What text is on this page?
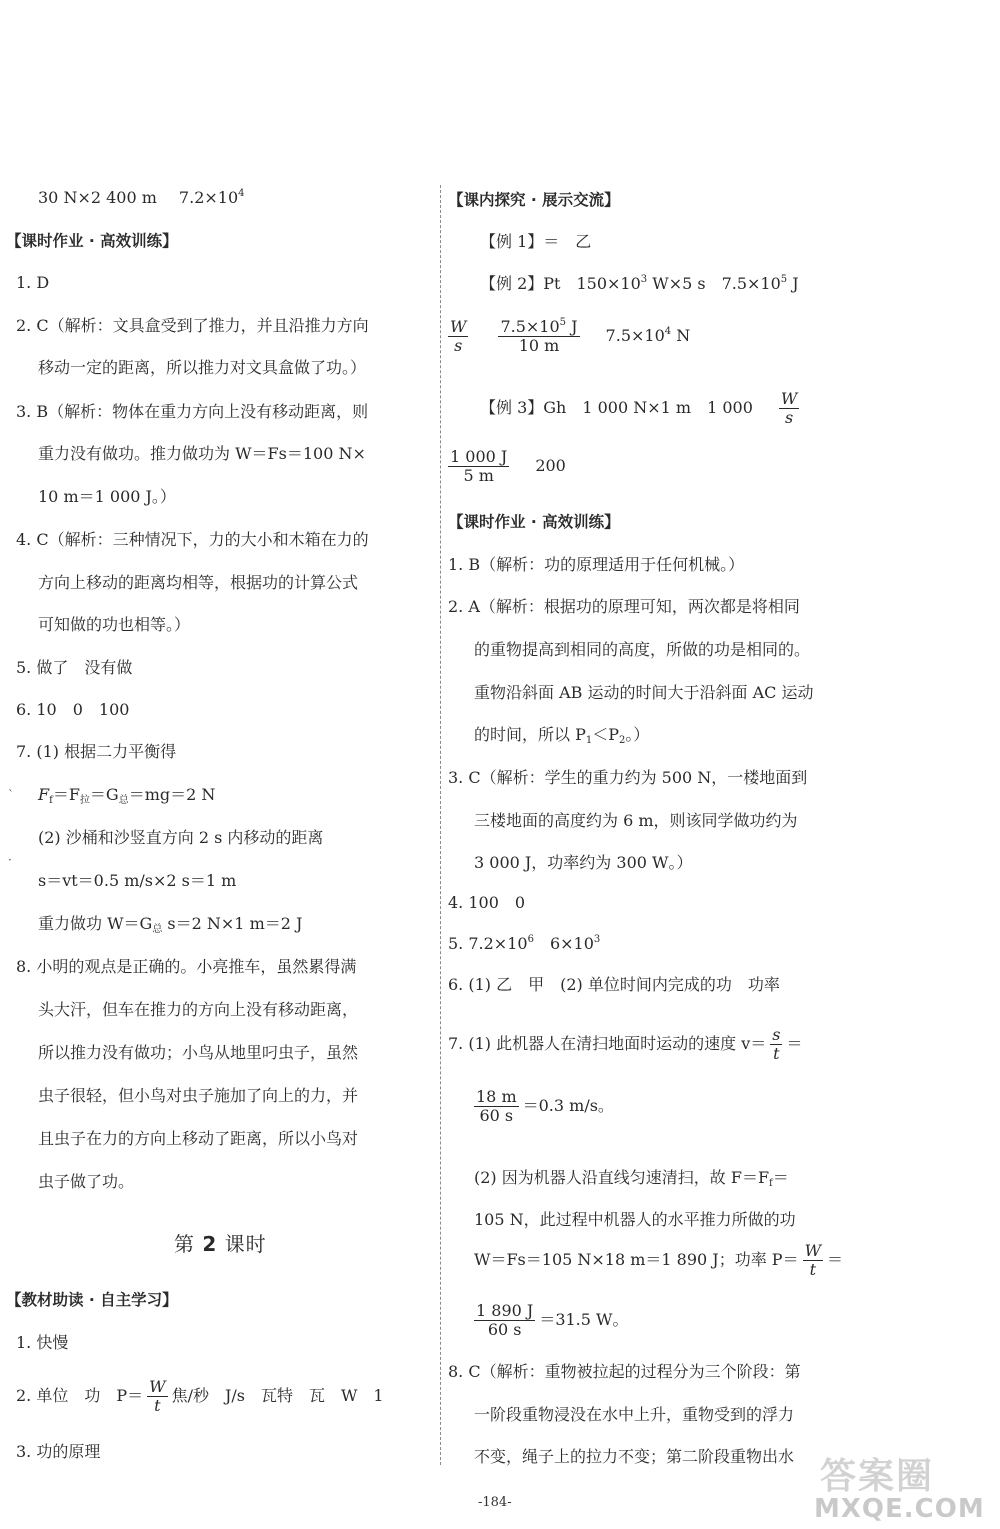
30 N×2 400 m $7.2\times 10^4$
【课时作业 · 高效训练】
1. D
2. C（解析：文具盒受到了推力，并且沿推力方向
移动一定的距离，所以推力对文具盒做了功。）
3. B（解析：物体在重力方向上没有移动距离，则
重力没有做功。推力做功为 W＝Fs＝100 N×
10 m＝1 000 J。）
4. C（解析：三种情况下，力的大小和木箱在力的
方向上移动的距离均相等，根据功的计算公式
可知做的功也相等。）
5. 做了　没有做
6. 10　0　100
7. (1) 根据二力平衡得
$F_f=F_拉=G_总=mg=2$ N
(2) 沙桶和沙竖直方向 2 s 内移动的距离
s＝vt＝0.5 m/s×2 s＝1 m
重力做功 $W=G_总$ s＝2 N×1 m＝2 J
8. 小明的观点是正确的。小亮推车，虽然累得满
头大汗，但车在推力的方向上没有移动距离，
所以推力没有做功；小鸟从地里叼虫子，虽然
虫子很轻，但小鸟对虫子施加了向上的力，并
且虫子在力的方向上移动了距离，所以小鸟对
虫子做了功。
第 2 课时
【教材助读 · 自主学习】
1. 快慢
2. 单位　功　$P= \frac{W}{t}$ 焦/秒　J/s　瓦特　瓦　W　1
3. 功的原理
【课内探究 · 展示交流】
【例 1】＝　乙
【例 2】Pt　$150\times 10^3$ W×5 s　$7.5\times 10^5$ J
$\frac{W}{s} \frac{7.5\times 10^5 J}{10 m} 7.5\times 10^4$ N
【例 3】Gh　1 000 N×1 m　1 $000 \frac{W}{s}$
$\frac{1 000 J}{5 m} 200$
【课时作业 · 高效训练】
1. B（解析：功的原理适用于任何机械。）
2. A（解析：根据功的原理可知，两次都是将相同
的重物提高到相同的高度，所做的功是相同的。
重物沿斜面 AB 运动的时间大于沿斜面 AC 运动
的时间，所以 $P_1<P_2$。）
3. C（解析：学生的重力约为 500 N，一楼地面到
三楼地面的高度约为 6 m，则该同学做功约为
3 000 J，功率约为 300 W。）
4. 100　0
5. $7.2\times 10^6$　$6\times 10^3$
6. (1) 乙　甲　(2) 单位时间内完成的功　功率
7. (1) 此机器人在清扫地面时运动的速度 $v= \frac{s}{t}$ ＝
$\frac{18 m}{60 s} =0.3$ m/s。
(2) 因为机器人沿直线匀速清扫，故 $F=F_f=$
105 N，此过程中机器人的水平推力所做的功
W＝Fs＝105 N×18 m＝1 890 J；功率 $P= \frac{W}{t}$ ＝
$\frac{1 890 J}{60 s} =31.5$ W。
8. C（解析：重物被拉起的过程分为三个阶段：第
一阶段重物浸没在水中上升，重物受到的浮力
不变，绳子上的拉力不变；第二阶段重物出水
`
·
-184-
答案圈
MXQE.COM
